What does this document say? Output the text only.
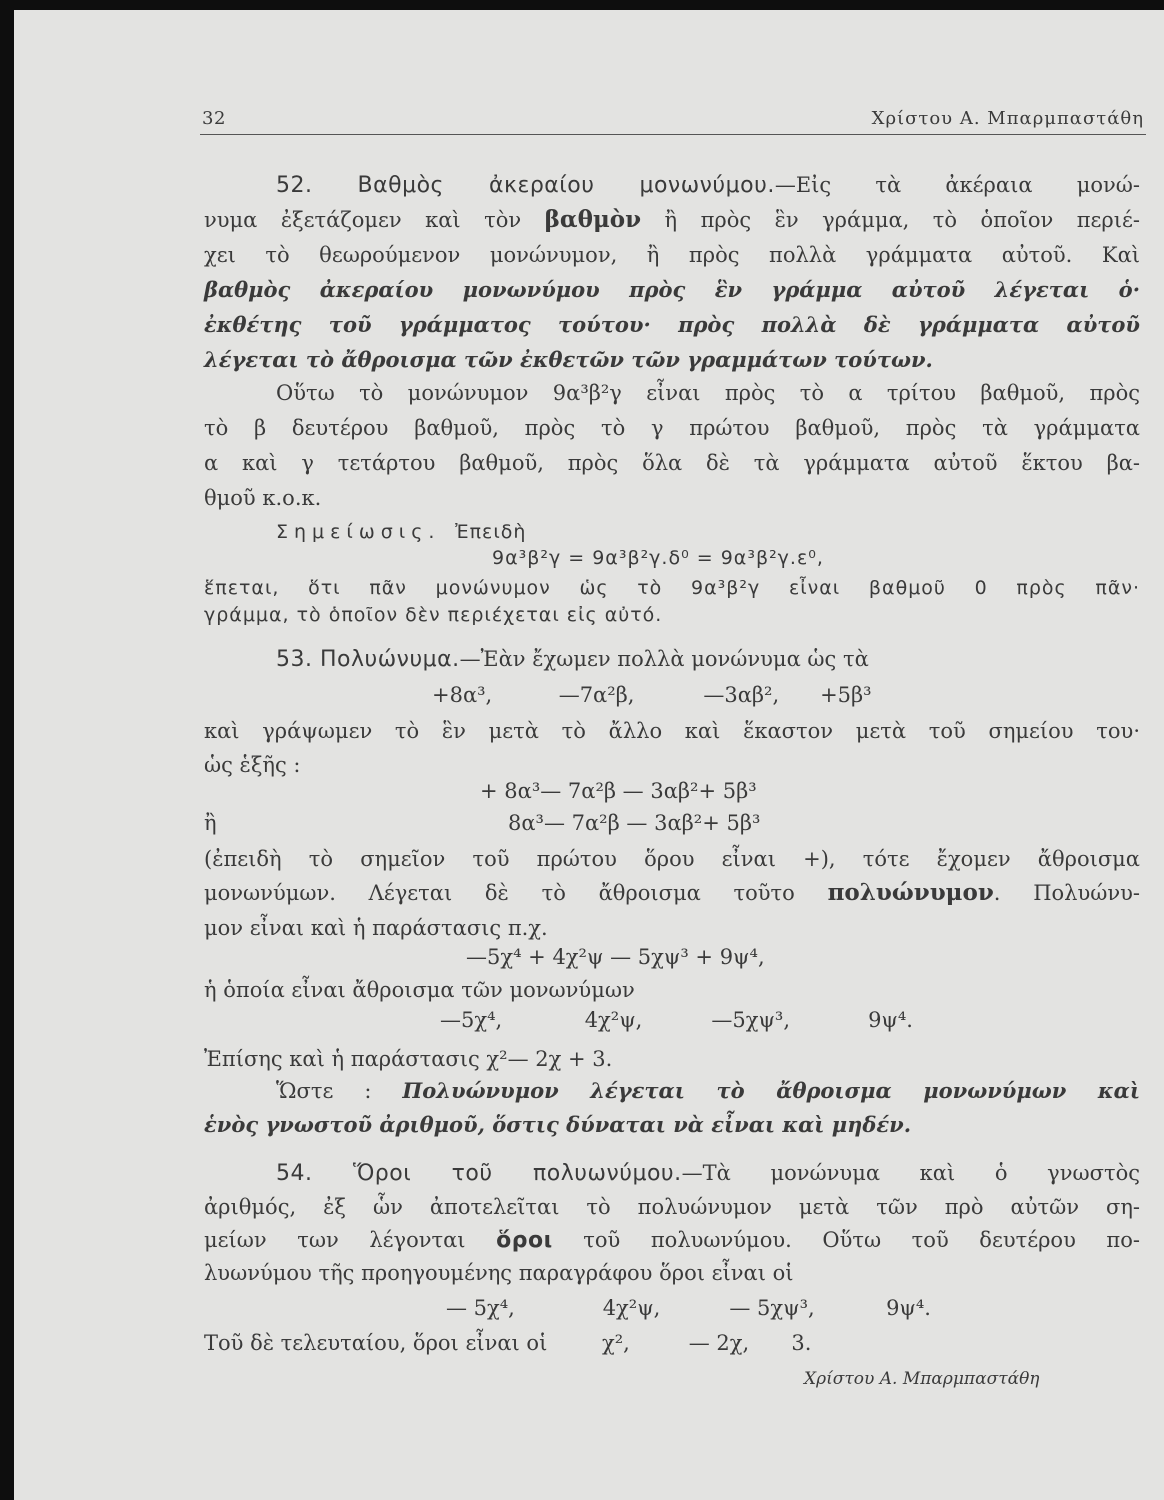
32	Χρίστου Α. Μπαρμπαστάθη
52. Βαθμὸς ἀκεραίου μονωνύμου.—Εἰς τὰ ἀκέραια μονώ-
νυμα ἐξετάζομεν καὶ τὸν βαθμὸν ἢ πρὸς ἓν γράμμα, τὸ ὁποῖον περιέ-
χει τὸ θεωρούμενον μονώνυμον, ἢ πρὸς πολλὰ γράμματα αὐτοῦ. Καὶ
βαθμὸς ἀκεραίου μονωνύμου πρὸς ἓν γράμμα αὐτοῦ λέγεται ὁ·
ἐκθέτης τοῦ γράμματος τούτου· πρὸς πολλὰ δὲ γράμματα αὐτοῦ
λέγεται τὸ ἄθροισμα τῶν ἐκθετῶν τῶν γραμμάτων τούτων.
Οὕτω τὸ μονώνυμον 9α³β²γ εἶναι πρὸς τὸ α τρίτου βαθμοῦ, πρὸς
τὸ β δευτέρου βαθμοῦ, πρὸς τὸ γ πρώτου βαθμοῦ, πρὸς τὰ γράμματα
α καὶ γ τετάρτου βαθμοῦ, πρὸς ὅλα δὲ τὰ γράμματα αὐτοῦ ἕκτου βα-
θμοῦ κ.ο.κ.
Σημείωσις. Ἐπειδὴ
9α³β²γ = 9α³β²γ.δ⁰ = 9α³β²γ.ε⁰,
ἕπεται, ὅτι πᾶν μονώνυμον ὡς τὸ 9α³β²γ εἶναι βαθμοῦ 0 πρὸς πᾶν·
γράμμα, τὸ ὁποῖον δὲν περιέχεται εἰς αὐτό.
53. Πολυώνυμα.—Ἐὰν ἔχωμεν πολλὰ μονώνυμα ὡς τὰ
+8α³,	—7α²β,	—3αβ², +5β³
καὶ γράψωμεν τὸ ἓν μετὰ τὸ ἄλλο καὶ ἕκαστον μετὰ τοῦ σημείου του·
ὡς ἑξῆς :
+ 8α³— 7α²β — 3αβ²+ 5β³
ἢ	8α³— 7α²β — 3αβ²+ 5β³
(ἐπειδὴ τὸ σημεῖον τοῦ πρώτου ὅρου εἶναι +), τότε ἔχομεν ἄθροισμα
μονωνύμων. Λέγεται δὲ τὸ ἄθροισμα τοῦτο πολυώνυμον. Πολυώνυ-
μον εἶναι καὶ ἡ παράστασις π.χ.
—5χ⁴ + 4χ²ψ — 5χψ³ + 9ψ⁴,
ἡ ὁποία εἶναι ἄθροισμα τῶν μονωνύμων
—5χ⁴,	4χ²ψ,	—5χψ³,	9ψ⁴.
Ἐπίσης καὶ ἡ παράστασις χ²— 2χ + 3.
Ὥστε : Πολυώνυμον λέγεται τὸ ἄθροισμα μονωνύμων καὶ
ἑνὸς γνωστοῦ ἀριθμοῦ, ὅστις δύναται νὰ εἶναι καὶ μηδέν.
54. Ὅροι τοῦ πολυωνύμου.—Τὰ μονώνυμα καὶ ὁ γνωστὸς
ἀριθμός, ἐξ ὧν ἀποτελεῖται τὸ πολυώνυμον μετὰ τῶν πρὸ αὐτῶν ση-
μείων των λέγονται ὅροι τοῦ πολυωνύμου. Οὕτω τοῦ δευτέρου πο-
λυωνύμου τῆς προηγουμένης παραγράφου ὅροι εἶναι οἱ
— 5χ⁴,	4χ²ψ,	— 5χψ³,	9ψ⁴.
Τοῦ δὲ τελευταίου, ὅροι εἶναι οἱ	χ²,	— 2χ, 3.
Χρίστου Α. Μπαρμπαστάθη
